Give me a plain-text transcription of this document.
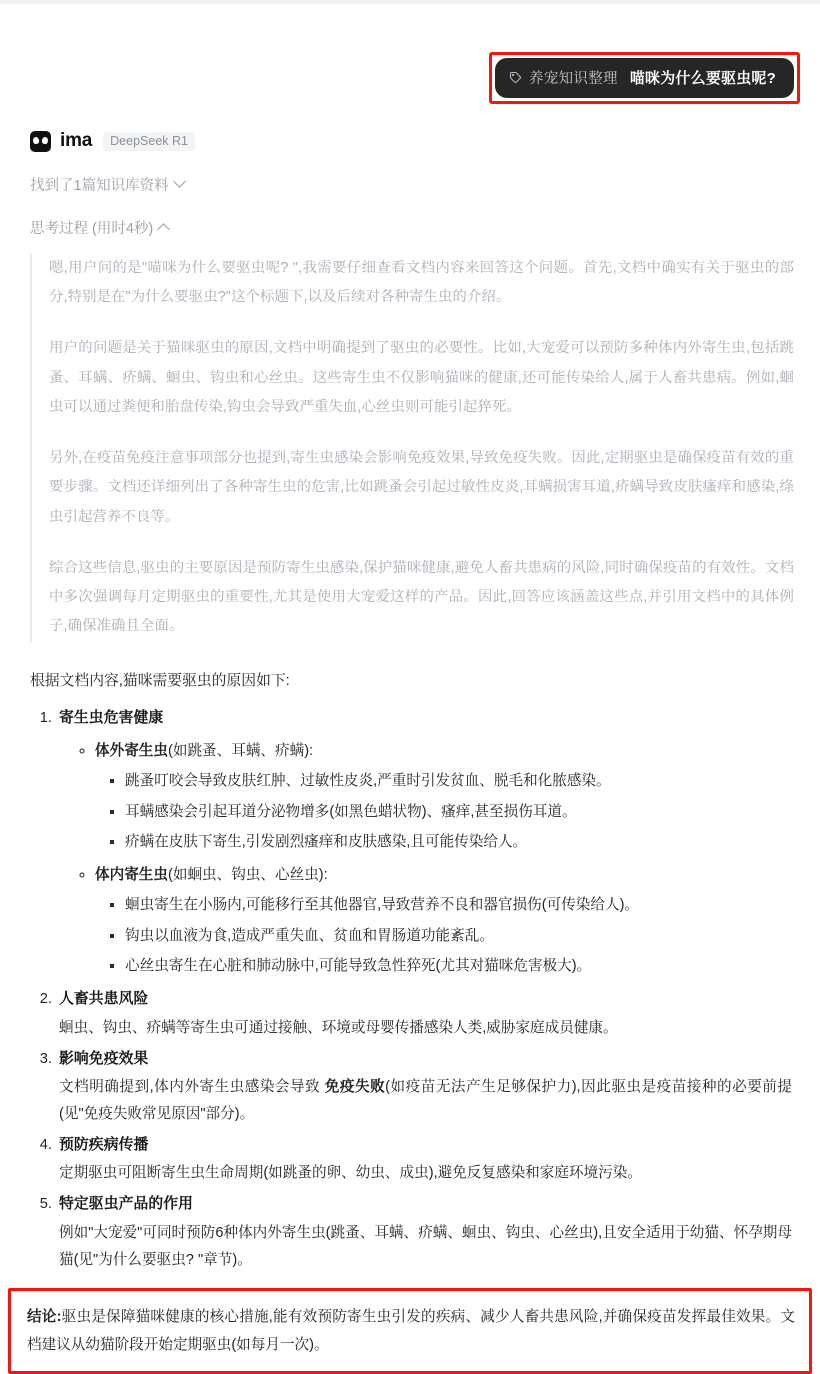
养宠知识整理 喵咪为什么要驱虫呢?
ima	DeepSeek R1
找到了1篇知识库资料
思考过程 (用时4秒)

嗯,用户问的是"喵咪为什么要驱虫呢? ",我需要仔细查看文档内容来回答这个问题。首先,文档中确实有关于驱虫的部分,特别是在"为什么要驱虫?"这个标题下,以及后续对各种寄生虫的介绍。

用户的问题是关于猫咪驱虫的原因,文档中明确提到了驱虫的必要性。比如,大宠爱可以预防多种体内外寄生虫,包括跳蚤、耳螨、疥螨、蛔虫、钩虫和心丝虫。这些寄生虫不仅影响猫咪的健康,还可能传染给人,属于人畜共患病。例如,蛔虫可以通过粪便和胎盘传染,钩虫会导致严重失血,心丝虫则可能引起猝死。

另外,在疫苗免疫注意事项部分也提到,寄生虫感染会影响免疫效果,导致免疫失败。因此,定期驱虫是确保疫苗有效的重要步骤。文档还详细列出了各种寄生虫的危害,比如跳蚤会引起过敏性皮炎,耳螨损害耳道,疥螨导致皮肤瘙痒和感染,绦虫引起营养不良等。

综合这些信息,驱虫的主要原因是预防寄生虫感染,保护猫咪健康,避免人畜共患病的风险,同时确保疫苗的有效性。文档中多次强调每月定期驱虫的重要性,尤其是使用大宠爱这样的产品。因此,回答应该涵盖这些点,并引用文档中的具体例子,确保准确且全面。

根据文档内容,猫咪需要驱虫的原因如下:

1. 寄生虫危害健康
◦ 体外寄生虫(如跳蚤、耳螨、疥螨):
▪ 跳蚤叮咬会导致皮肤红肿、过敏性皮炎,严重时引发贫血、脱毛和化脓感染。
▪ 耳螨感染会引起耳道分泌物增多(如黑色蜡状物)、瘙痒,甚至损伤耳道。
▪ 疥螨在皮肤下寄生,引发剧烈瘙痒和皮肤感染,且可能传染给人。
◦ 体内寄生虫(如蛔虫、钩虫、心丝虫):
▪ 蛔虫寄生在小肠内,可能移行至其他器官,导致营养不良和器官损伤(可传染给人)。
▪ 钩虫以血液为食,造成严重失血、贫血和胃肠道功能紊乱。
▪ 心丝虫寄生在心脏和肺动脉中,可能导致急性猝死(尤其对猫咪危害极大)。
2. 人畜共患风险
蛔虫、钩虫、疥螨等寄生虫可通过接触、环境或母婴传播感染人类,威胁家庭成员健康。
3. 影响免疫效果
文档明确提到,体内外寄生虫感染会导致 免疫失败(如疫苗无法产生足够保护力),因此驱虫是疫苗接种的必要前提(见"免疫失败常见原因"部分)。
4. 预防疾病传播
定期驱虫可阻断寄生虫生命周期(如跳蚤的卵、幼虫、成虫),避免反复感染和家庭环境污染。
5. 特定驱虫产品的作用
例如"大宠爱"可同时预防6种体内外寄生虫(跳蚤、耳螨、疥螨、蛔虫、钩虫、心丝虫),且安全适用于幼猫、怀孕期母猫(见"为什么要驱虫? "章节)。

结论:驱虫是保障猫咪健康的核心措施,能有效预防寄生虫引发的疾病、减少人畜共患风险,并确保疫苗发挥最佳效果。文档建议从幼猫阶段开始定期驱虫(如每月一次)。
